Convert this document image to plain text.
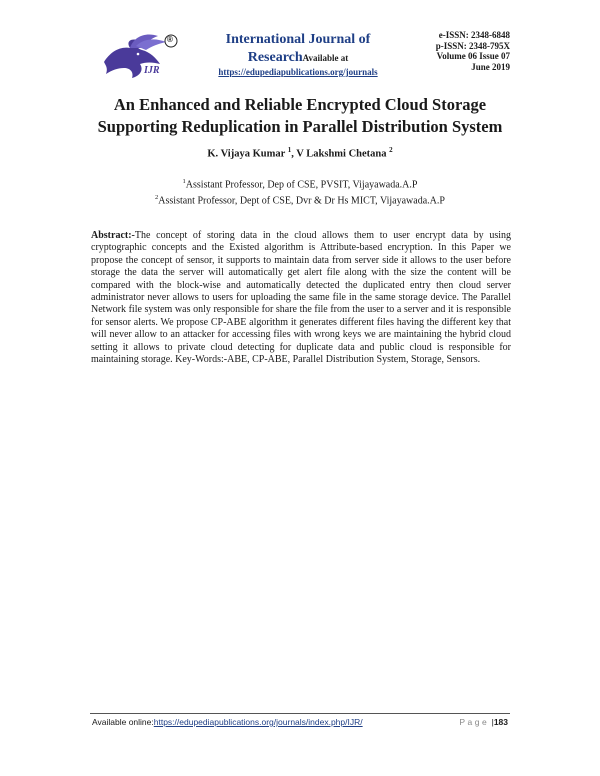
®
IJR
International Journal of
ResearchAvailable at
https://edupediapublications.org/journals
e-ISSN: 2348-6848
p-ISSN: 2348-795X
Volume 06 Issue 07
June 2019
An Enhanced and Reliable Encrypted Cloud Storage
Supporting Reduplication in Parallel Distribution System
K. Vijaya Kumar $^1$, V Lakshmi Chetana $^2$
$^1$Assistant Professor, Dep of CSE, PVSIT, Vijayawada.A.P
$^2$Assistant Professor, Dept of CSE, Dvr & Dr Hs MICT, Vijayawada.A.P
Abstract:-The concept of storing data in the cloud allows them to user encrypt data by using cryptographic concepts and the Existed algorithm is Attribute-based encryption. In this Paper we propose the concept of sensor, it supports to maintain data from server side it allows to the user before storage the data the server will automatically get alert file along with the size the content will be compared with the block-wise and automatically detected the duplicated entry then cloud server administrator never allows to users for uploading the same file in the same storage device. The Parallel Network file system was only responsible for share the file from the user to a server and it is responsible for sensor alerts. We propose CP-ABE algorithm it generates different files having the different key that will never allow to an attacker for accessing files with wrong keys we are maintaining the hybrid cloud setting it allows to private cloud detecting for duplicate data and public cloud is responsible for maintaining storage. Key-Words:-ABE, CP-ABE, Parallel Distribution System, Storage, Sensors.
Available online:https://edupediapublications.org/journals/index.php/IJR/	Page |183
